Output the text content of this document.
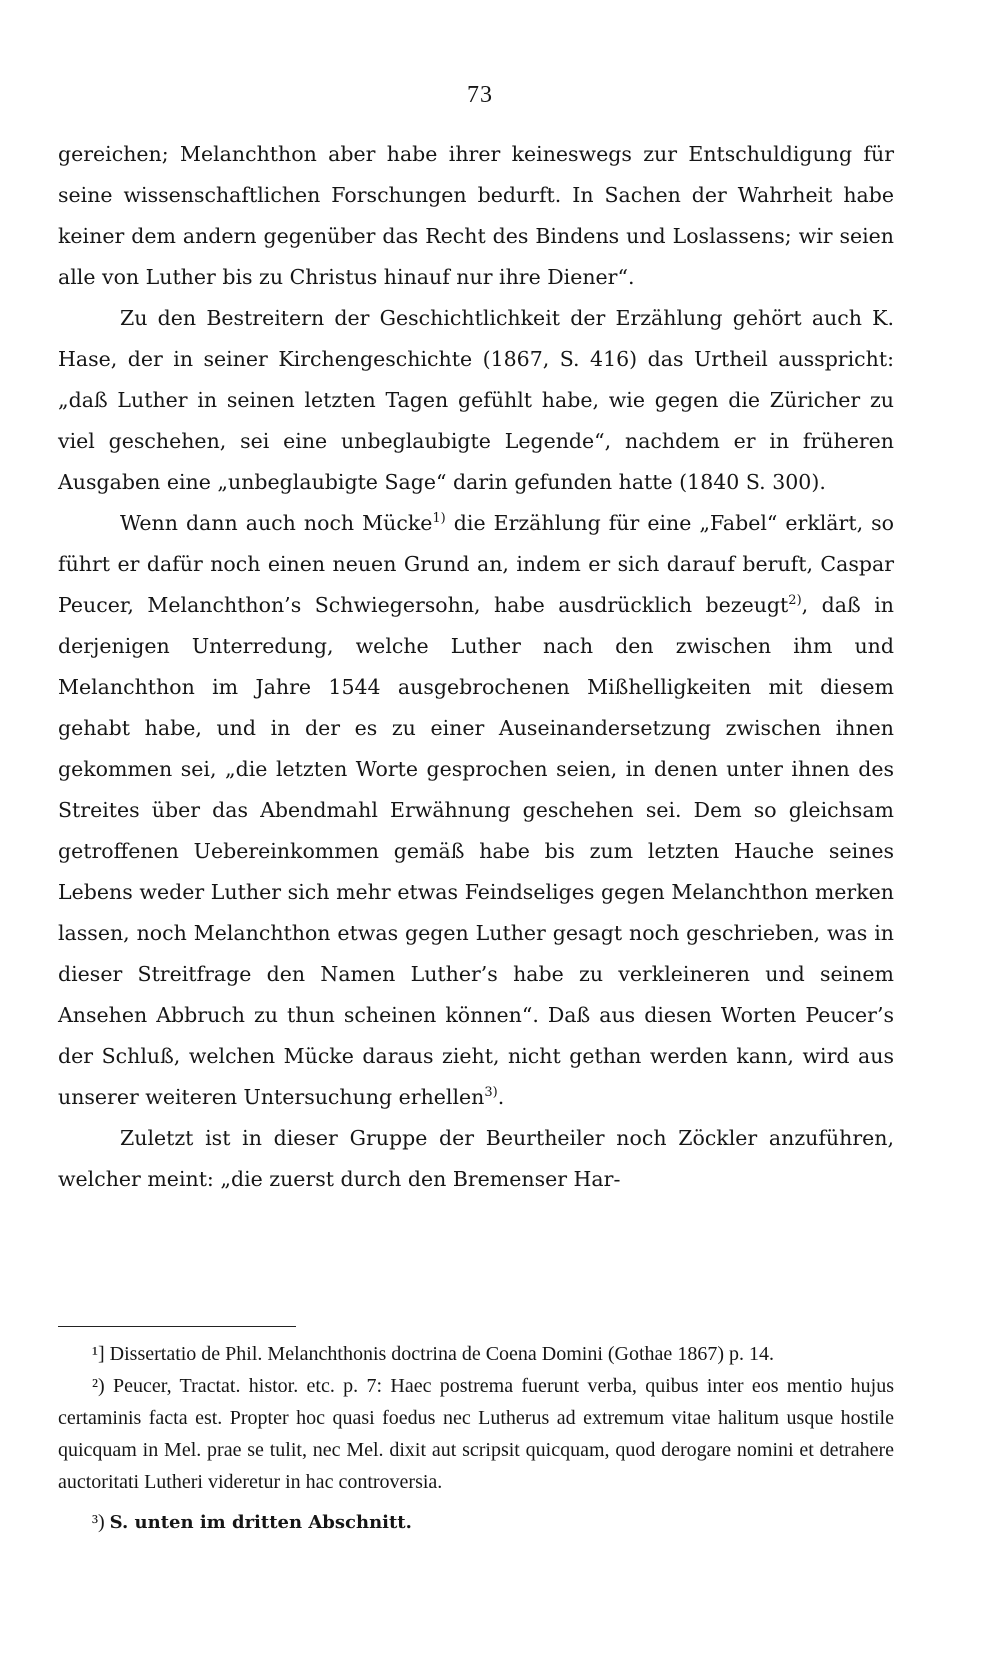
73

gereichen; Melanchthon aber habe ihrer keineswegs zur Entschuldigung für seine wissenschaftlichen Forschungen bedurft. In Sachen der Wahrheit habe keiner dem andern gegenüber das Recht des Bindens und Loslassens; wir seien alle von Luther bis zu Christus hinauf nur ihre Diener“.

Zu den Bestreitern der Geschichtlichkeit der Erzählung gehört auch K. Hase, der in seiner Kirchengeschichte (1867, S. 416) das Urtheil ausspricht: „daß Luther in seinen letzten Tagen gefühlt habe, wie gegen die Züricher zu viel geschehen, sei eine unbeglaubigte Legende“, nachdem er in früheren Ausgaben eine „unbeglaubigte Sage“ darin gefunden hatte (1840 S. 300).

Wenn dann auch noch Mücke$^{1)}$ die Erzählung für eine „Fabel“ erklärt, so führt er dafür noch einen neuen Grund an, indem er sich darauf beruft, Caspar Peucer, Melanchthon’s Schwiegersohn, habe ausdrücklich bezeugt$^{2)}$, daß in derjenigen Unterredung, welche Luther nach den zwischen ihm und Melanchthon im Jahre 1544 ausgebrochenen Mißhelligkeiten mit diesem gehabt habe, und in der es zu einer Auseinandersetzung zwischen ihnen gekommen sei, „die letzten Worte gesprochen seien, in denen unter ihnen des Streites über das Abendmahl Erwähnung geschehen sei. Dem so gleichsam getroffenen Uebereinkommen gemäß habe bis zum letzten Hauche seines Lebens weder Luther sich mehr etwas Feindseliges gegen Melanchthon merken lassen, noch Melanchthon etwas gegen Luther gesagt noch geschrieben, was in dieser Streitfrage den Namen Luther’s habe zu verkleineren und seinem Ansehen Abbruch zu thun scheinen können“. Daß aus diesen Worten Peucer’s der Schluß, welchen Mücke daraus zieht, nicht gethan werden kann, wird aus unserer weiteren Untersuchung erhellen$^{3)}$.

Zuletzt ist in dieser Gruppe der Beurtheiler noch Zöckler anzuführen, welcher meint: „die zuerst durch den Bremenser Har-

¹] Dissertatio de Phil. Melanchthonis doctrina de Coena Domini (Gothae 1867) p. 14.

²) Peucer, Tractat. histor. etc. p. 7: Haec postrema fuerunt verba, quibus inter eos mentio hujus certaminis facta est. Propter hoc quasi foedus nec Lutherus ad extremum vitae halitum usque hostile quicquam in Mel. prae se tulit, nec Mel. dixit aut scripsit quicquam, quod derogare nomini et detrahere auctoritati Lutheri videretur in hac controversia.

³) S. unten im dritten Abschnitt.
